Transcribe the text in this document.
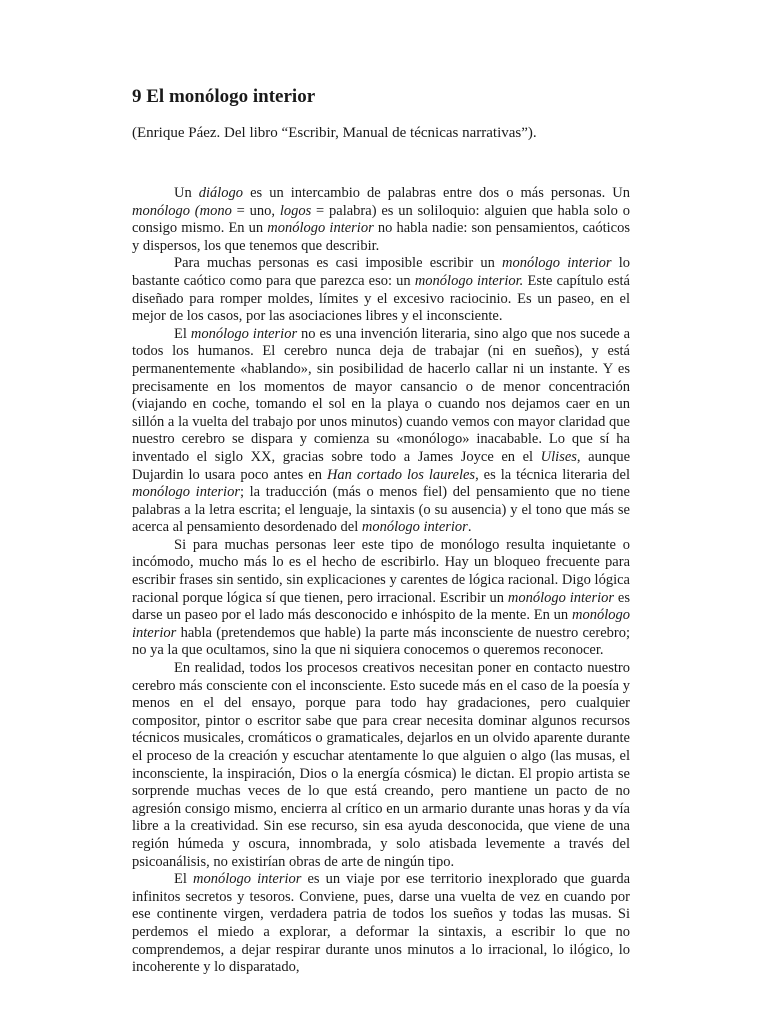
9 El monólogo interior

(Enrique Páez. Del libro “Escribir, Manual de técnicas narrativas”).

Un diálogo es un intercambio de palabras entre dos o más personas. Un monólogo (mono = uno, logos = palabra) es un soliloquio: alguien que habla solo o consigo mismo. En un monólogo interior no habla nadie: son pensamientos, caóticos y dispersos, los que tenemos que describir.

Para muchas personas es casi imposible escribir un monólogo interior lo bastante caótico como para que parezca eso: un monólogo interior. Este capítulo está diseñado para romper moldes, límites y el excesivo raciocinio. Es un paseo, en el mejor de los casos, por las asociaciones libres y el inconsciente.

El monólogo interior no es una invención literaria, sino algo que nos sucede a todos los humanos. El cerebro nunca deja de trabajar (ni en sueños), y está permanentemente «hablando», sin posibilidad de hacerlo callar ni un instante. Y es precisamente en los momentos de mayor cansancio o de menor concentración (viajando en coche, tomando el sol en la playa o cuando nos dejamos caer en un sillón a la vuelta del trabajo por unos minutos) cuando vemos con mayor claridad que nuestro cerebro se dispara y comienza su «monólogo» inacabable. Lo que sí ha inventado el siglo XX, gracias sobre todo a James Joyce en el Ulises, aunque Dujardin lo usara poco antes en Han cortado los laureles, es la técnica literaria del monólogo interior; la traducción (más o menos fiel) del pensamiento que no tiene palabras a la letra escrita; el lenguaje, la sintaxis (o su ausencia) y el tono que más se acerca al pensamiento desordenado del monólogo interior.

Si para muchas personas leer este tipo de monólogo resulta inquietante o incómodo, mucho más lo es el hecho de escribirlo. Hay un bloqueo frecuente para escribir frases sin sentido, sin explicaciones y carentes de lógica racional. Digo lógica racional porque lógica sí que tienen, pero irracional. Escribir un monólogo interior es darse un paseo por el lado más desconocido e inhóspito de la mente. En un monólogo interior habla (pretendemos que hable) la parte más inconsciente de nuestro cerebro; no ya la que ocultamos, sino la que ni siquiera conocemos o queremos reconocer.

En realidad, todos los procesos creativos necesitan poner en contacto nuestro cerebro más consciente con el inconsciente. Esto sucede más en el caso de la poesía y menos en el del ensayo, porque para todo hay gradaciones, pero cualquier compositor, pintor o escritor sabe que para crear necesita dominar algunos recursos técnicos musicales, cromáticos o gramaticales, dejarlos en un olvido aparente durante el proceso de la creación y escuchar atentamente lo que alguien o algo (las musas, el inconsciente, la inspiración, Dios o la energía cósmica) le dictan. El propio artista se sorprende muchas veces de lo que está creando, pero mantiene un pacto de no agresión consigo mismo, encierra al crítico en un armario durante unas horas y da vía libre a la creatividad. Sin ese recurso, sin esa ayuda desconocida, que viene de una región húmeda y oscura, innombrada, y solo atisbada levemente a través del psicoanálisis, no existirían obras de arte de ningún tipo.

El monólogo interior es un viaje por ese territorio inexplorado que guarda infinitos secretos y tesoros. Conviene, pues, darse una vuelta de vez en cuando por ese continente virgen, verdadera patria de todos los sueños y todas las musas. Si perdemos el miedo a explorar, a deformar la sintaxis, a escribir lo que no comprendemos, a dejar respirar durante unos minutos a lo irracional, lo ilógico, lo incoherente y lo disparatado,
